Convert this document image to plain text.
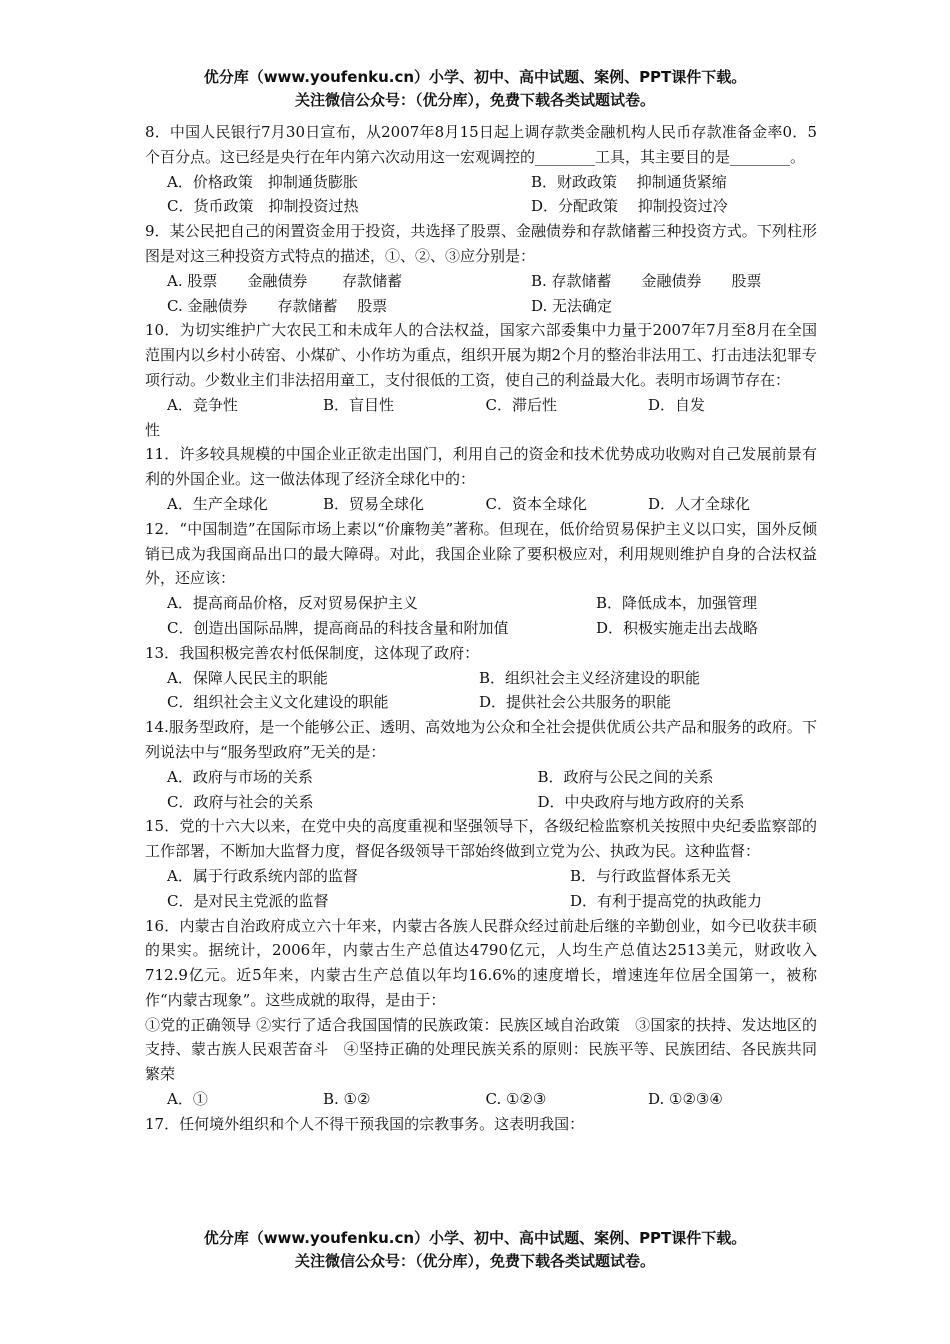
优分库（www.youfenku.cn）小学、初中、高中试题、案例、PPT课件下载。
关注微信公众号：（优分库），免费下载各类试题试卷。

8．中国人民银行7月30日宣布，从2007年8月15日起上调存款类金融机构人民币存款准备金率0．5个百分点。这已经是央行在年内第六次动用这一宏观调控的________工具，其主要目的是________。

A．价格政策　抑制通货膨胀	B．财政政策　 抑制通货紧缩
C．货币政策　抑制投资过热	D．分配政策　 抑制投资过冷

9．某公民把自己的闲置资金用于投资，共选择了股票、金融债券和存款储蓄三种投资方式。下列柱形图是对这三种投资方式特点的描述，①、②、③应分别是：

A. 股票　　金融债券　　 存款储蓄	B. 存款储蓄　　金融债券　　股票
C. 金融债券　　存款储蓄　 股票	D. 无法确定

10．为切实维护广大农民工和未成年人的合法权益，国家六部委集中力量于2007年7月至8月在全国范围内以乡村小砖窑、小煤矿、小作坊为重点，组织开展为期2个月的整治非法用工、打击违法犯罪专项行动。少数业主们非法招用童工，支付很低的工资，使自己的利益最大化。表明市场调节存在：

A．竞争性	B．盲目性	C．滞后性	D．自发

性

11．许多较具规模的中国企业正欲走出国门，利用自己的资金和技术优势成功收购对自己发展前景有利的外国企业。这一做法体现了经济全球化中的：

A．生产全球化	B．贸易全球化	C．资本全球化	D．人才全球化

12．“中国制造”在国际市场上素以“价廉物美”著称。但现在，低价给贸易保护主义以口实，国外反倾销已成为我国商品出口的最大障碍。对此，我国企业除了要积极应对，利用规则维护自身的合法权益外，还应该：

A．提高商品价格，反对贸易保护主义	B．降低成本，加强管理
C．创造出国际品牌，提高商品的科技含量和附加值	D．积极实施走出去战略

13．我国积极完善农村低保制度，这体现了政府：

A．保障人民民主的职能	B．组织社会主义经济建设的职能
C．组织社会主义文化建设的职能	D．提供社会公共服务的职能

14.服务型政府，是一个能够公正、透明、高效地为公众和全社会提供优质公共产品和服务的政府。下列说法中与“服务型政府”无关的是：

A．政府与市场的关系	B．政府与公民之间的关系
C．政府与社会的关系	D．中央政府与地方政府的关系

15．党的十六大以来，在党中央的高度重视和坚强领导下，各级纪检监察机关按照中央纪委监察部的工作部署，不断加大监督力度，督促各级领导干部始终做到立党为公、执政为民。这种监督：

A．属于行政系统内部的监督	B．与行政监督体系无关
C．是对民主党派的监督	D．有利于提高党的执政能力

16．内蒙古自治政府成立六十年来，内蒙古各族人民群众经过前赴后继的辛勤创业，如今已收获丰硕的果实。据统计，2006年，内蒙古生产总值达4790亿元，人均生产总值达2513美元，财政收入712.9亿元。近5年来，内蒙古生产总值以年均16.6%的速度增长，增速连年位居全国第一，被称作“内蒙古现象”。这些成就的取得，是由于：

①党的正确领导 ②实行了适合我国国情的民族政策：民族区域自治政策　③国家的扶持、发达地区的支持、蒙古族人民艰苦奋斗　④坚持正确的处理民族关系的原则：民族平等、民族团结、各民族共同繁荣

A．①	B. ①②	C. ①②③	D. ①②③④

17．任何境外组织和个人不得干预我国的宗教事务。这表明我国：

优分库（www.youfenku.cn）小学、初中、高中试题、案例、PPT课件下载。
关注微信公众号：（优分库），免费下载各类试题试卷。
